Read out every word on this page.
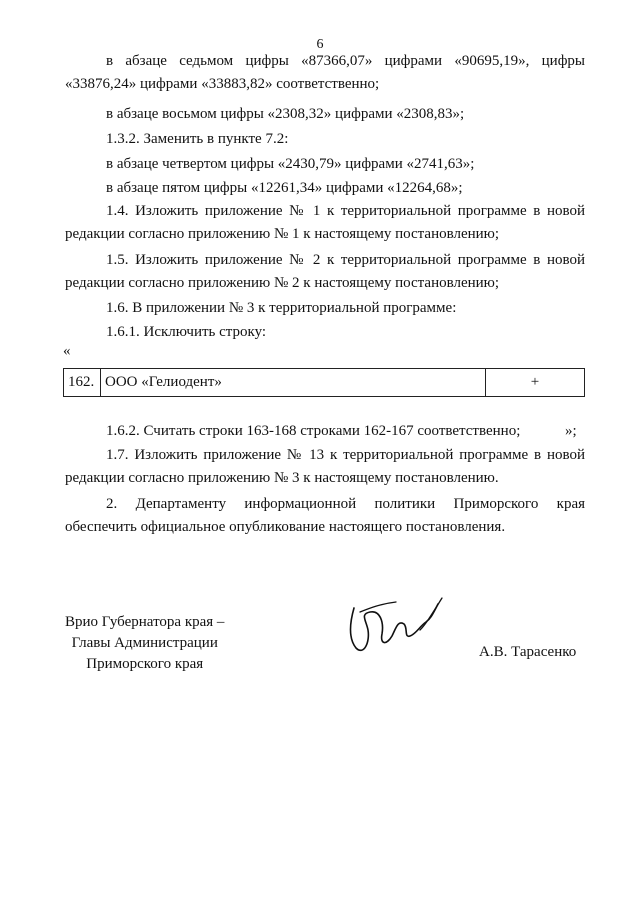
6
в абзаце седьмом цифры «87366,07» цифрами «90695,19», цифры «33876,24» цифрами «33883,82» соответственно;
в абзаце восьмом цифры «2308,32» цифрами «2308,83»;
1.3.2. Заменить в пункте 7.2:
в абзаце четвертом цифры «2430,79» цифрами «2741,63»;
в абзаце пятом цифры «12261,34» цифрами «12264,68»;
1.4. Изложить приложение № 1 к территориальной программе в новой редакции согласно приложению № 1 к настоящему постановлению;
1.5. Изложить приложение № 2 к территориальной программе в новой редакции согласно приложению № 2 к настоящему постановлению;
1.6. В приложении № 3 к территориальной программе:
1.6.1. Исключить строку:
«
162.	ООО «Гелиодент»	+
»;
1.6.2. Считать строки 163-168 строками 162-167 соответственно;
1.7. Изложить приложение № 13 к территориальной программе в новой редакции согласно приложению № 3 к настоящему постановлению.
2. Департаменту информационной политики Приморского края обеспечить официальное опубликование настоящего постановления.
Врио Губернатора края –
Главы Администрации
Приморского края
А.В. Тарасенко
